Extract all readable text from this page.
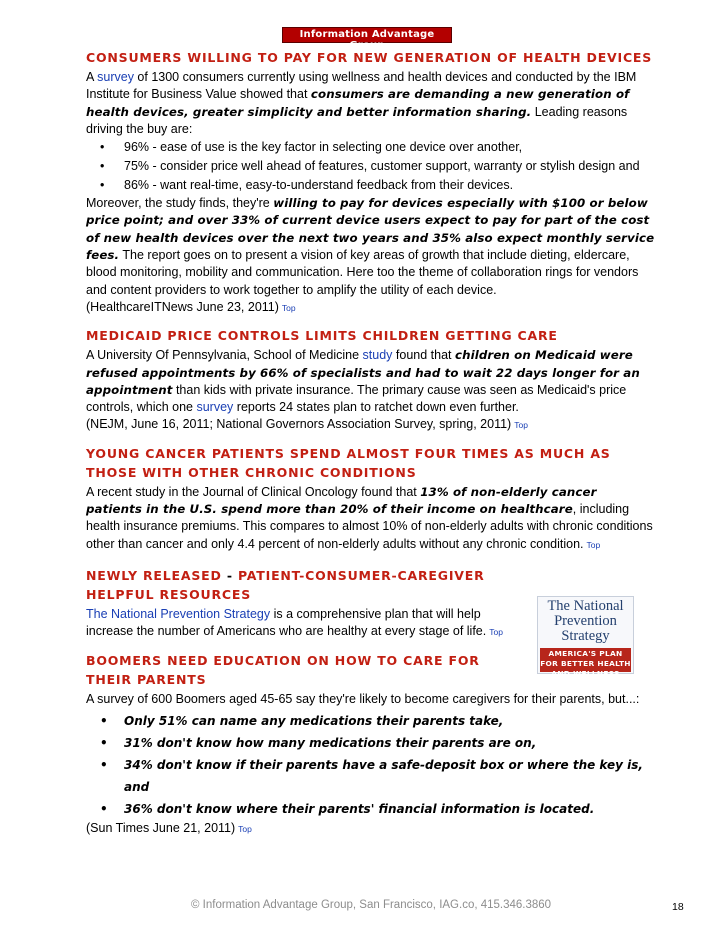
Information Advantage Group
CONSUMERS WILLING TO PAY FOR NEW GENERATION OF HEALTH DEVICES

A survey of 1300 consumers currently using wellness and health devices and conducted by the IBM Institute for Business Value showed that consumers are demanding a new generation of health devices, greater simplicity and better information sharing. Leading reasons driving the buy are:

• 96% - ease of use is the key factor in selecting one device over another,
• 75% - consider price well ahead of features, customer support, warranty or stylish design and
• 86% - want real-time, easy-to-understand feedback from their devices.

Moreover, the study finds, they're willing to pay for devices especially with $100 or below price point; and over 33% of current device users expect to pay for part of the cost of new health devices over the next two years and 35% also expect monthly service fees. The report goes on to present a vision of key areas of growth that include dieting, eldercare, blood monitoring, mobility and communication. Here too the theme of collaboration rings for vendors and content providers to work together to amplify the utility of each device.

(HealthcareITNews June 23, 2011) Top

MEDICAID PRICE CONTROLS LIMITS CHILDREN GETTING CARE

A University Of Pennsylvania, School of Medicine study found that children on Medicaid were refused appointments by 66% of specialists and had to wait 22 days longer for an appointment than kids with private insurance. The primary cause was seen as Medicaid's price controls, which one survey reports 24 states plan to ratchet down even further.

(NEJM, June 16, 2011; National Governors Association Survey, spring, 2011) Top

YOUNG CANCER PATIENTS SPEND ALMOST FOUR TIMES AS MUCH AS THOSE WITH OTHER CHRONIC CONDITIONS

A recent study in the Journal of Clinical Oncology found that 13% of non-elderly cancer patients in the U.S. spend more than 20% of their income on healthcare, including health insurance premiums. This compares to almost 10% of non-elderly adults with chronic conditions other than cancer and only 4.4 percent of non-elderly adults without any chronic condition. Top

NEWLY RELEASED - PATIENT-CONSUMER-CAREGIVER HELPFUL RESOURCES

The National Prevention Strategy is a comprehensive plan that will help increase the number of Americans who are healthy at every stage of life. Top

BOOMERS NEED EDUCATION ON HOW TO CARE FOR THEIR PARENTS

A survey of 600 Boomers aged 45-65 say they're likely to become caregivers for their parents, but...:

• Only 51% can name any medications their parents take,
• 31% don't know how many medications their parents are on,
• 34% don't know if their parents have a safe-deposit box or where the key is, and
• 36% don't know where their parents' financial information is located.

(Sun Times June 21, 2011) Top

The National Prevention Strategy
AMERICA'S PLAN FOR BETTER HEALTH AND WELLNESS
© Information Advantage Group, San Francisco, IAG.co, 415.346.3860	18
